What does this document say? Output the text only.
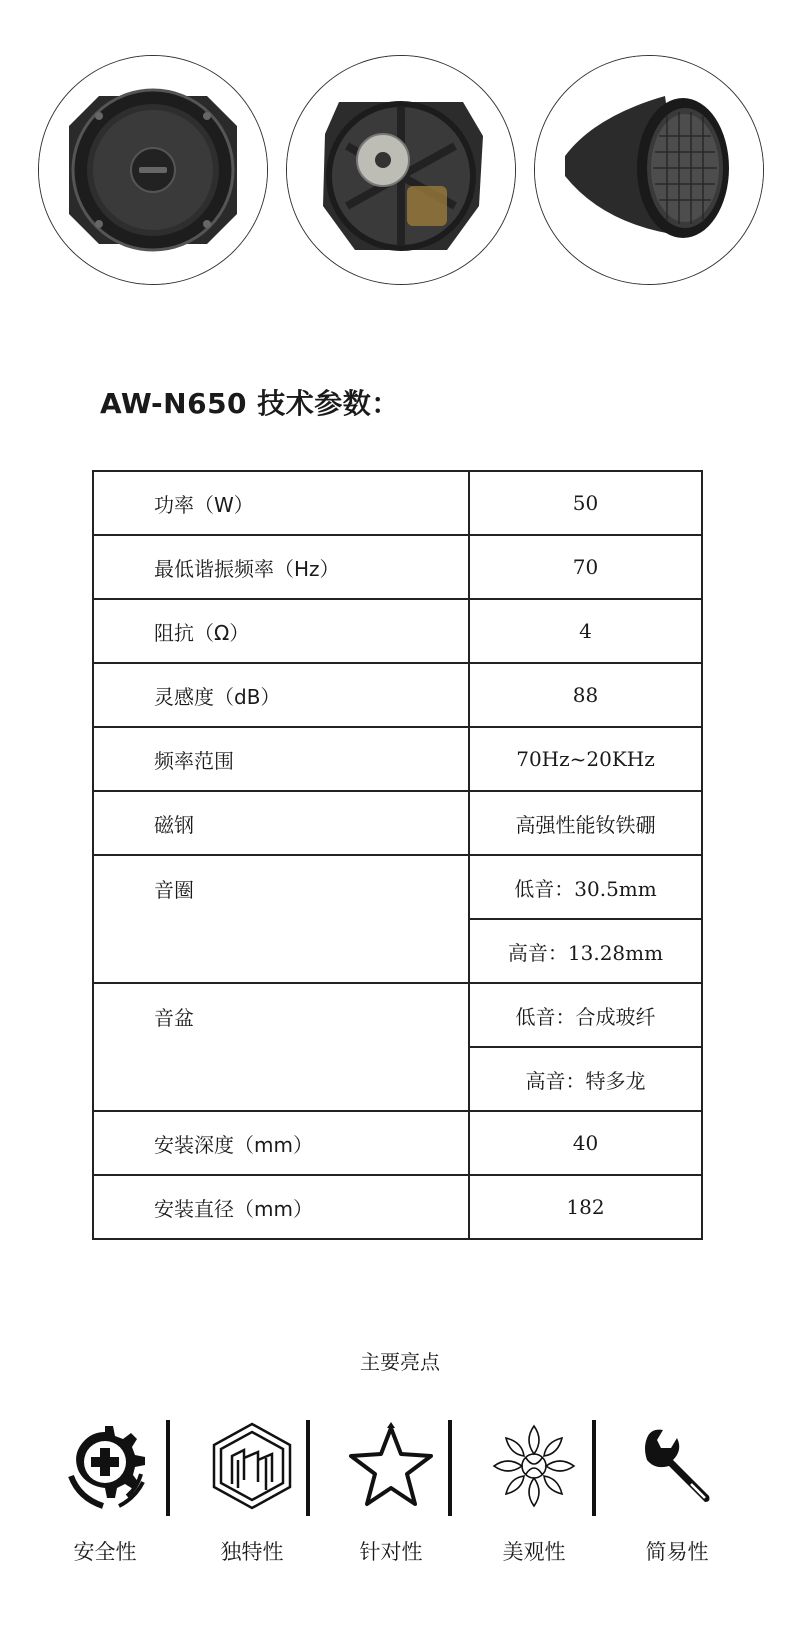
AW-N650 技术参数：
功率（W）	50
最低谐振频率（Hz）	70
阻抗（Ω）	4
灵感度（dB）	88
频率范围	70Hz~20KHz
磁钢	高强性能钕铁硼
音圈	低音：30.5mm
	高音：13.28mm
音盆	低音：合成玻纤
	高音：特多龙
安装深度（mm）	40
安装直径（mm）	182
主要亮点
安全性	独特性	针对性	美观性	简易性
